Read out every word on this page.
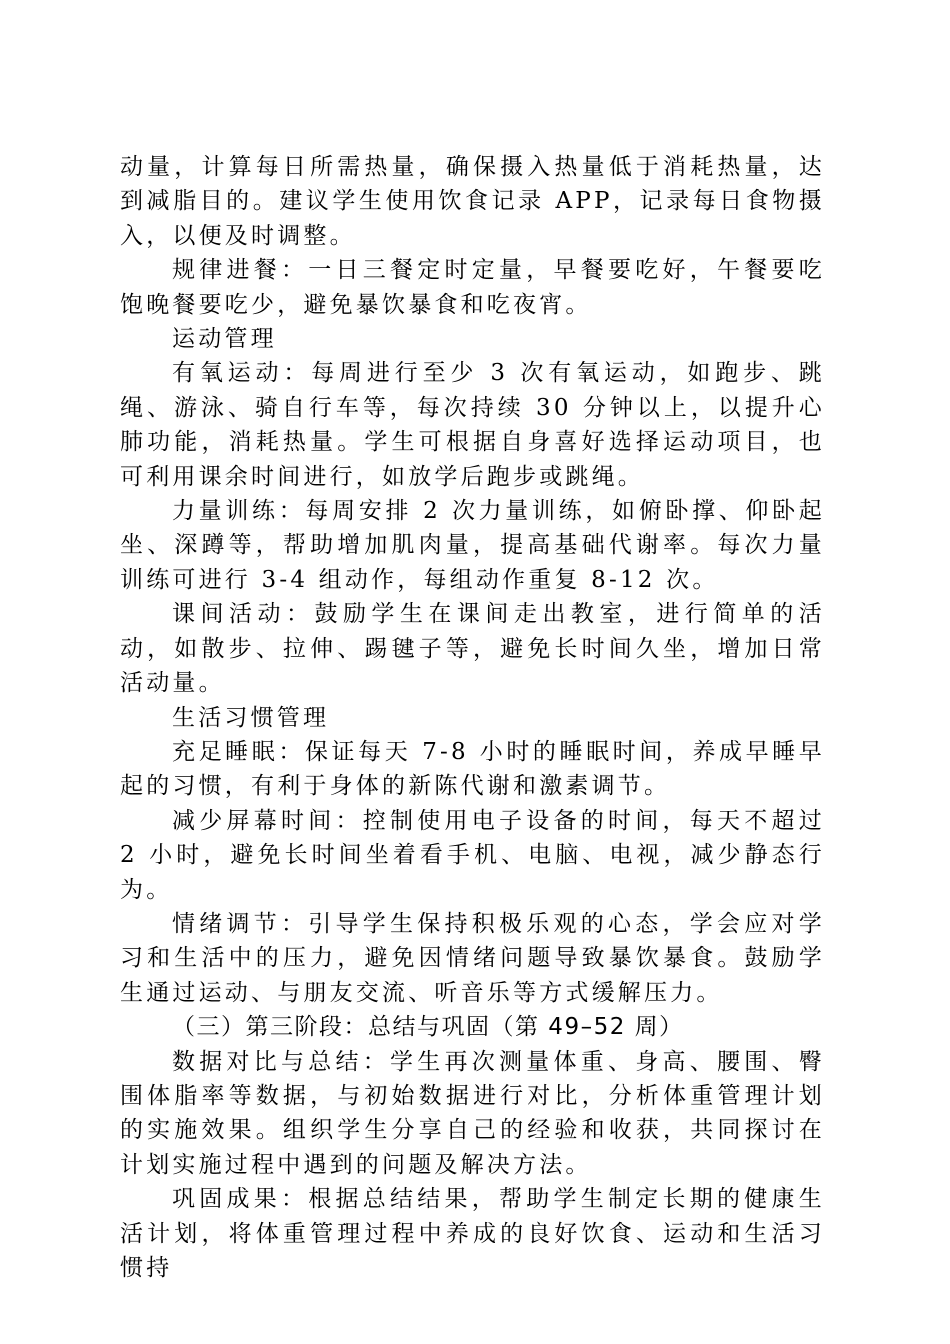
动量，计算每日所需热量，确保摄入热量低于消耗热量，达到减脂目的。建议学生使用饮食记录 APP，记录每日食物摄入，以便及时调整。

规律进餐：一日三餐定时定量，早餐要吃好，午餐要吃饱晚餐要吃少，避免暴饮暴食和吃夜宵。

运动管理

有氧运动：每周进行至少 3 次有氧运动，如跑步、跳绳、游泳、骑自行车等，每次持续 30 分钟以上，以提升心肺功能，消耗热量。学生可根据自身喜好选择运动项目，也可利用课余时间进行，如放学后跑步或跳绳。

力量训练：每周安排 2 次力量训练，如俯卧撑、仰卧起坐、深蹲等，帮助增加肌肉量，提高基础代谢率。每次力量训练可进行 3-4 组动作，每组动作重复 8-12 次。

课间活动：鼓励学生在课间走出教室，进行简单的活动，如散步、拉伸、踢毽子等，避免长时间久坐，增加日常活动量。

生活习惯管理

充足睡眠：保证每天 7-8 小时的睡眠时间，养成早睡早起的习惯，有利于身体的新陈代谢和激素调节。

减少屏幕时间：控制使用电子设备的时间，每天不超过 2 小时，避免长时间坐着看手机、电脑、电视，减少静态行为。

情绪调节：引导学生保持积极乐观的心态，学会应对学习和生活中的压力，避免因情绪问题导致暴饮暴食。鼓励学生通过运动、与朋友交流、听音乐等方式缓解压力。

（三）第三阶段：总结与巩固（第 49–52 周）

数据对比与总结：学生再次测量体重、身高、腰围、臀围体脂率等数据，与初始数据进行对比，分析体重管理计划的实施效果。组织学生分享自己的经验和收获，共同探讨在计划实施过程中遇到的问题及解决方法。

巩固成果：根据总结结果，帮助学生制定长期的健康生活计划，将体重管理过程中养成的良好饮食、运动和生活习惯持
